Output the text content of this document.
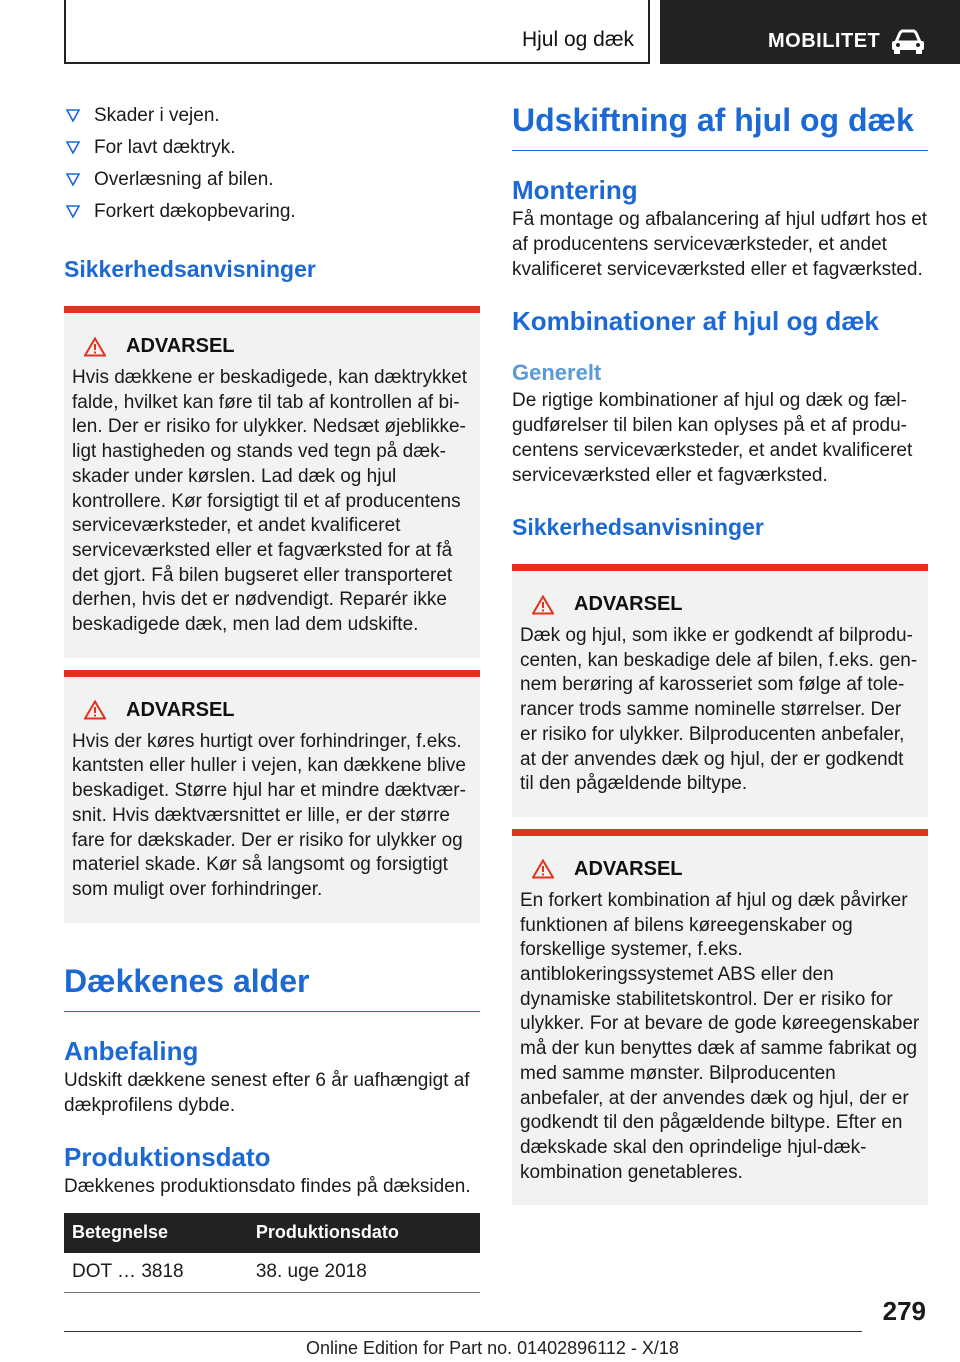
Hjul og dæk	MOBILITET
Skader i vejen.
For lavt dæktryk.
Overlæsning af bilen.
Forkert dækopbevaring.
Sikkerhedsanvisninger
ADVARSEL

Hvis dækkene er beskadigede, kan dæktrykket falde, hvilket kan føre til tab af kontrollen af bilen. Der er risiko for ulykker. Nedsæt øjeblikkeligt hastigheden og stands ved tegn på dækskader under kørslen. Lad dæk og hjul kontrollere. Kør forsigtigt til et af producentens serviceværksteder, et andet kvalificeret serviceværksted eller et fagværksted for at få det gjort. Få bilen bugseret eller transporteret derhen, hvis det er nødvendigt. Reparér ikke beskadigede dæk, men lad dem udskifte.

ADVARSEL

Hvis der køres hurtigt over forhindringer, f.eks. kantsten eller huller i vejen, kan dækkene blive beskadiget. Større hjul har et mindre dæktværsnit. Hvis dæktværsnittet er lille, er der større fare for dækskader. Der er risiko for ulykker og materiel skade. Kør så langsomt og forsigtigt som muligt over forhindringer.

Dækkenes alder
Anbefaling

Udskift dækkene senest efter 6 år uafhængigt af dækprofilens dybde.

Produktionsdato

Dækkenes produktionsdato findes på dæksiden.

Betegnelse	Produktionsdato
DOT … 3818	38. uge 2018
Udskiftning af hjul og dæk
Montering

Få montage og afbalancering af hjul udført hos et af producentens serviceværksteder, et andet kvalificeret serviceværksted eller et fagværksted.

Kombinationer af hjul og dæk
Generelt

De rigtige kombinationer af hjul og dæk og fælgudførelser til bilen kan oplyses på et af producentens serviceværksteder, et andet kvalificeret serviceværksted eller et fagværksted.

Sikkerhedsanvisninger
ADVARSEL

Dæk og hjul, som ikke er godkendt af bilproducenten, kan beskadige dele af bilen, f.eks. gennem berøring af karosseriet som følge af tolerancer trods samme nominelle størrelser. Der er risiko for ulykker. Bilproducenten anbefaler, at der anvendes dæk og hjul, der er godkendt til den pågældende biltype.

ADVARSEL

En forkert kombination af hjul og dæk påvirker funktionen af bilens køreegenskaber og forskellige systemer, f.eks. antiblokeringssystemet ABS eller den dynamiske stabilitetskontrol. Der er risiko for ulykker. For at bevare de gode køreegenskaber må der kun benyttes dæk af samme fabrikat og med samme mønster. Bilproducenten anbefaler, at der anvendes dæk og hjul, der er godkendt til den pågældende biltype. Efter en dækskade skal den oprindelige hjul-dæk-kombination genetableres.

279
Online Edition for Part no. 01402896112 - X/18
